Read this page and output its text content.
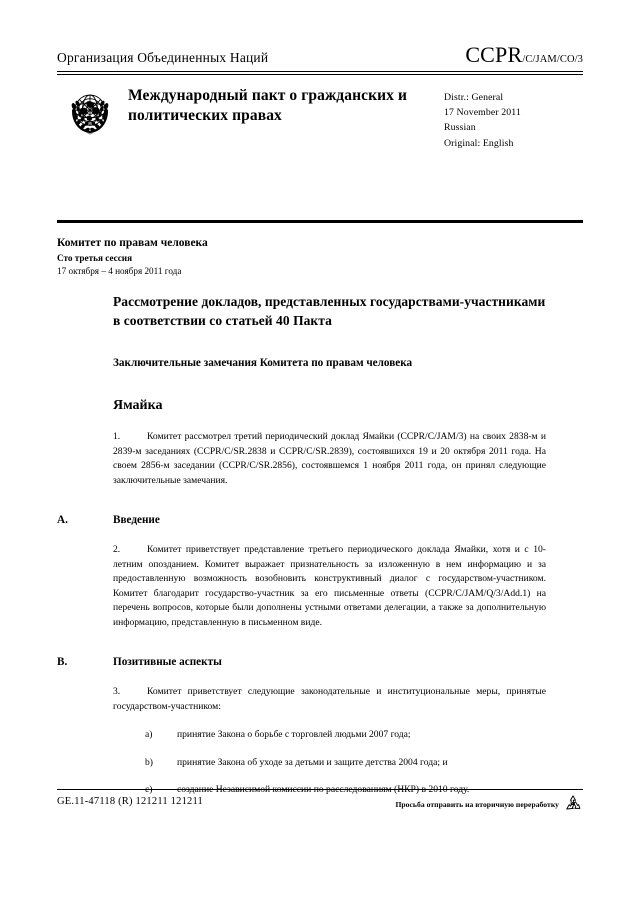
Организация Объединенных Наций	CCPR/C/JAM/CO/3
Международный пакт о гражданских и политических правах
Distr.: General
17 November 2011
Russian
Original: English
Комитет по правам человека
Сто третья сессия
17 октября – 4 ноября 2011 года
Рассмотрение докладов, представленных государствами-участниками в соответствии со статьей 40 Пакта
Заключительные замечания Комитета по правам человека
Ямайка

1.	Комитет рассмотрел третий периодический доклад Ямайки (CCPR/C/JAM/3) на своих 2838-м и 2839-м заседаниях (CCPR/C/SR.2838 и CCPR/C/SR.2839), состоявшихся 19 и 20 октября 2011 года. На своем 2856-м заседании (CCPR/C/SR.2856), состоявшемся 1 ноября 2011 года, он принял следующие заключительные замечания.

A.	Введение

2.	Комитет приветствует представление третьего периодического доклада Ямайки, хотя и с 10-летним опозданием. Комитет выражает признательность за изложенную в нем информацию и за предоставленную возможность возобновить конструктивный диалог с государством-участником. Комитет благодарит государство-участник за его письменные ответы (CCPR/C/JAM/Q/3/Add.1) на перечень вопросов, которые были дополнены устными ответами делегации, а также за дополнительную информацию, представленную в письменном виде.

B.	Позитивные аспекты

3.	Комитет приветствует следующие законодательные и институциональные меры, принятые государством-участником:

a)	принятие Закона о борьбе с торговлей людьми 2007 года;
b)	принятие Закона об уходе за детьми и защите детства 2004 года; и
GE.11-47118 (R) 121211 121211	Просьба отправить на вторичную переработку
